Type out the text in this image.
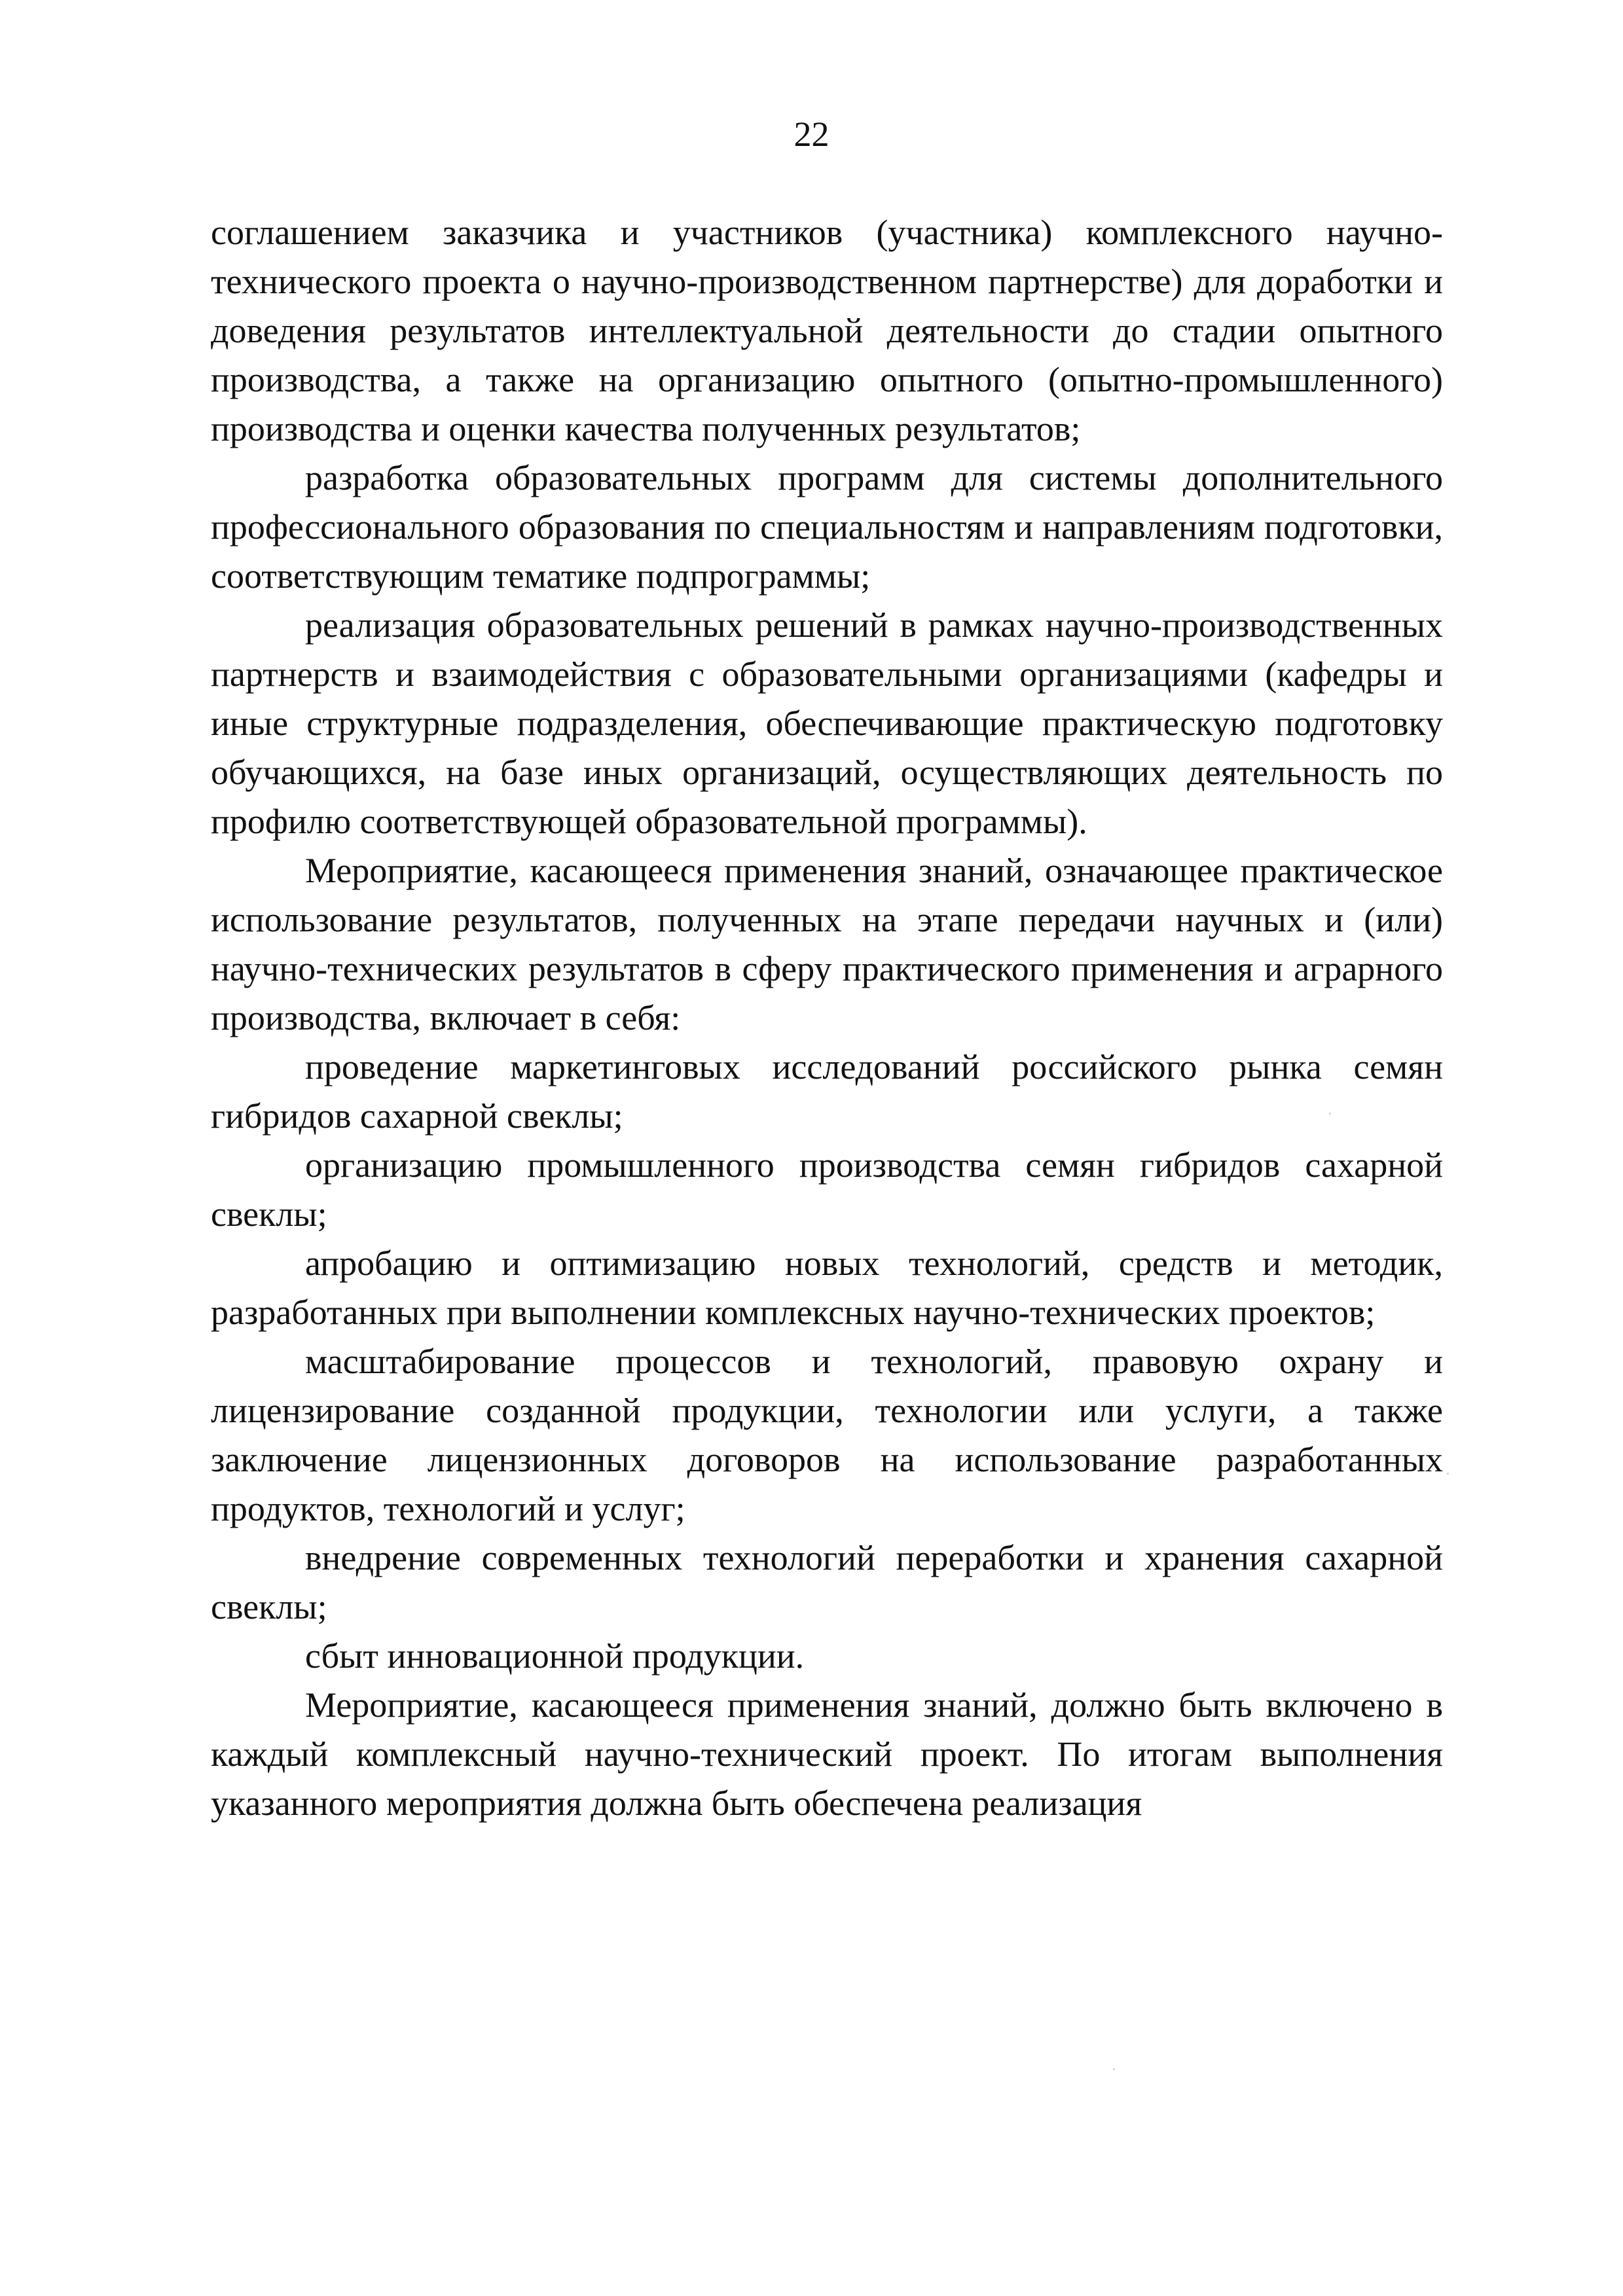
22

соглашением заказчика и участников (участника) комплексного научно-технического проекта о научно-производственном партнерстве) для доработки и доведения результатов интеллектуальной деятельности до стадии опытного производства, а также на организацию опытного (опытно-промышленного) производства и оценки качества полученных результатов;

разработка образовательных программ для системы дополнительного профессионального образования по специальностям и направлениям подготовки, соответствующим тематике подпрограммы;

реализация образовательных решений в рамках научно-производственных партнерств и взаимодействия с образовательными организациями (кафедры и иные структурные подразделения, обеспечивающие практическую подготовку обучающихся, на базе иных организаций, осуществляющих деятельность по профилю соответствующей образовательной программы).

Мероприятие, касающееся применения знаний, означающее практическое использование результатов, полученных на этапе передачи научных и (или) научно-технических результатов в сферу практического применения и аграрного производства, включает в себя:

проведение маркетинговых исследований российского рынка семян гибридов сахарной свеклы;

организацию промышленного производства семян гибридов сахарной свеклы;

апробацию и оптимизацию новых технологий, средств и методик, разработанных при выполнении комплексных научно-технических проектов;

масштабирование процессов и технологий, правовую охрану и лицензирование созданной продукции, технологии или услуги, а также заключение лицензионных договоров на использование разработанных продуктов, технологий и услуг;

внедрение современных технологий переработки и хранения сахарной свеклы;

сбыт инновационной продукции.

Мероприятие, касающееся применения знаний, должно быть включено в каждый комплексный научно-технический проект. По итогам выполнения указанного мероприятия должна быть обеспечена реализация
